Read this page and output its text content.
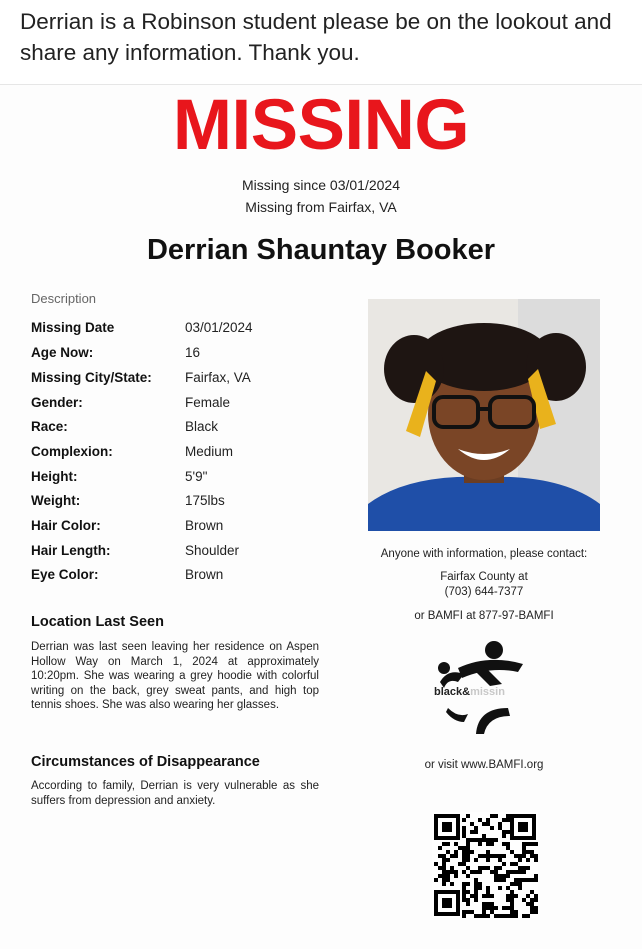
Derrian is a Robinson student please be on the lookout and share any information. Thank you.
MISSING
Missing since 03/01/2024
Missing from Fairfax, VA
Derrian Shauntay Booker
Description
Missing Date	03/01/2024
Age Now:	16
Missing City/State: Fairfax, VA
Gender:	Female
Race:	Black
Complexion:	Medium
Height:	5'9"
Weight:	175lbs
Hair Color:	Brown
Hair Length:	Shoulder
Eye Color:	Brown
Anyone with information, please contact:
Fairfax County at
(703) 644-7377
or BAMFI at 877-97-BAMFI
black&missin
or visit www.BAMFI.org
Location Last Seen
Derrian was last seen leaving her residence on Aspen Hollow Way on March 1, 2024 at approximately 10:20pm. She was wearing a grey hoodie with colorful writing on the back, grey sweat pants, and high top tennis shoes. She was also wearing her glasses.
Circumstances of Disappearance
According to family, Derrian is very vulnerable as she suffers from depression and anxiety.
